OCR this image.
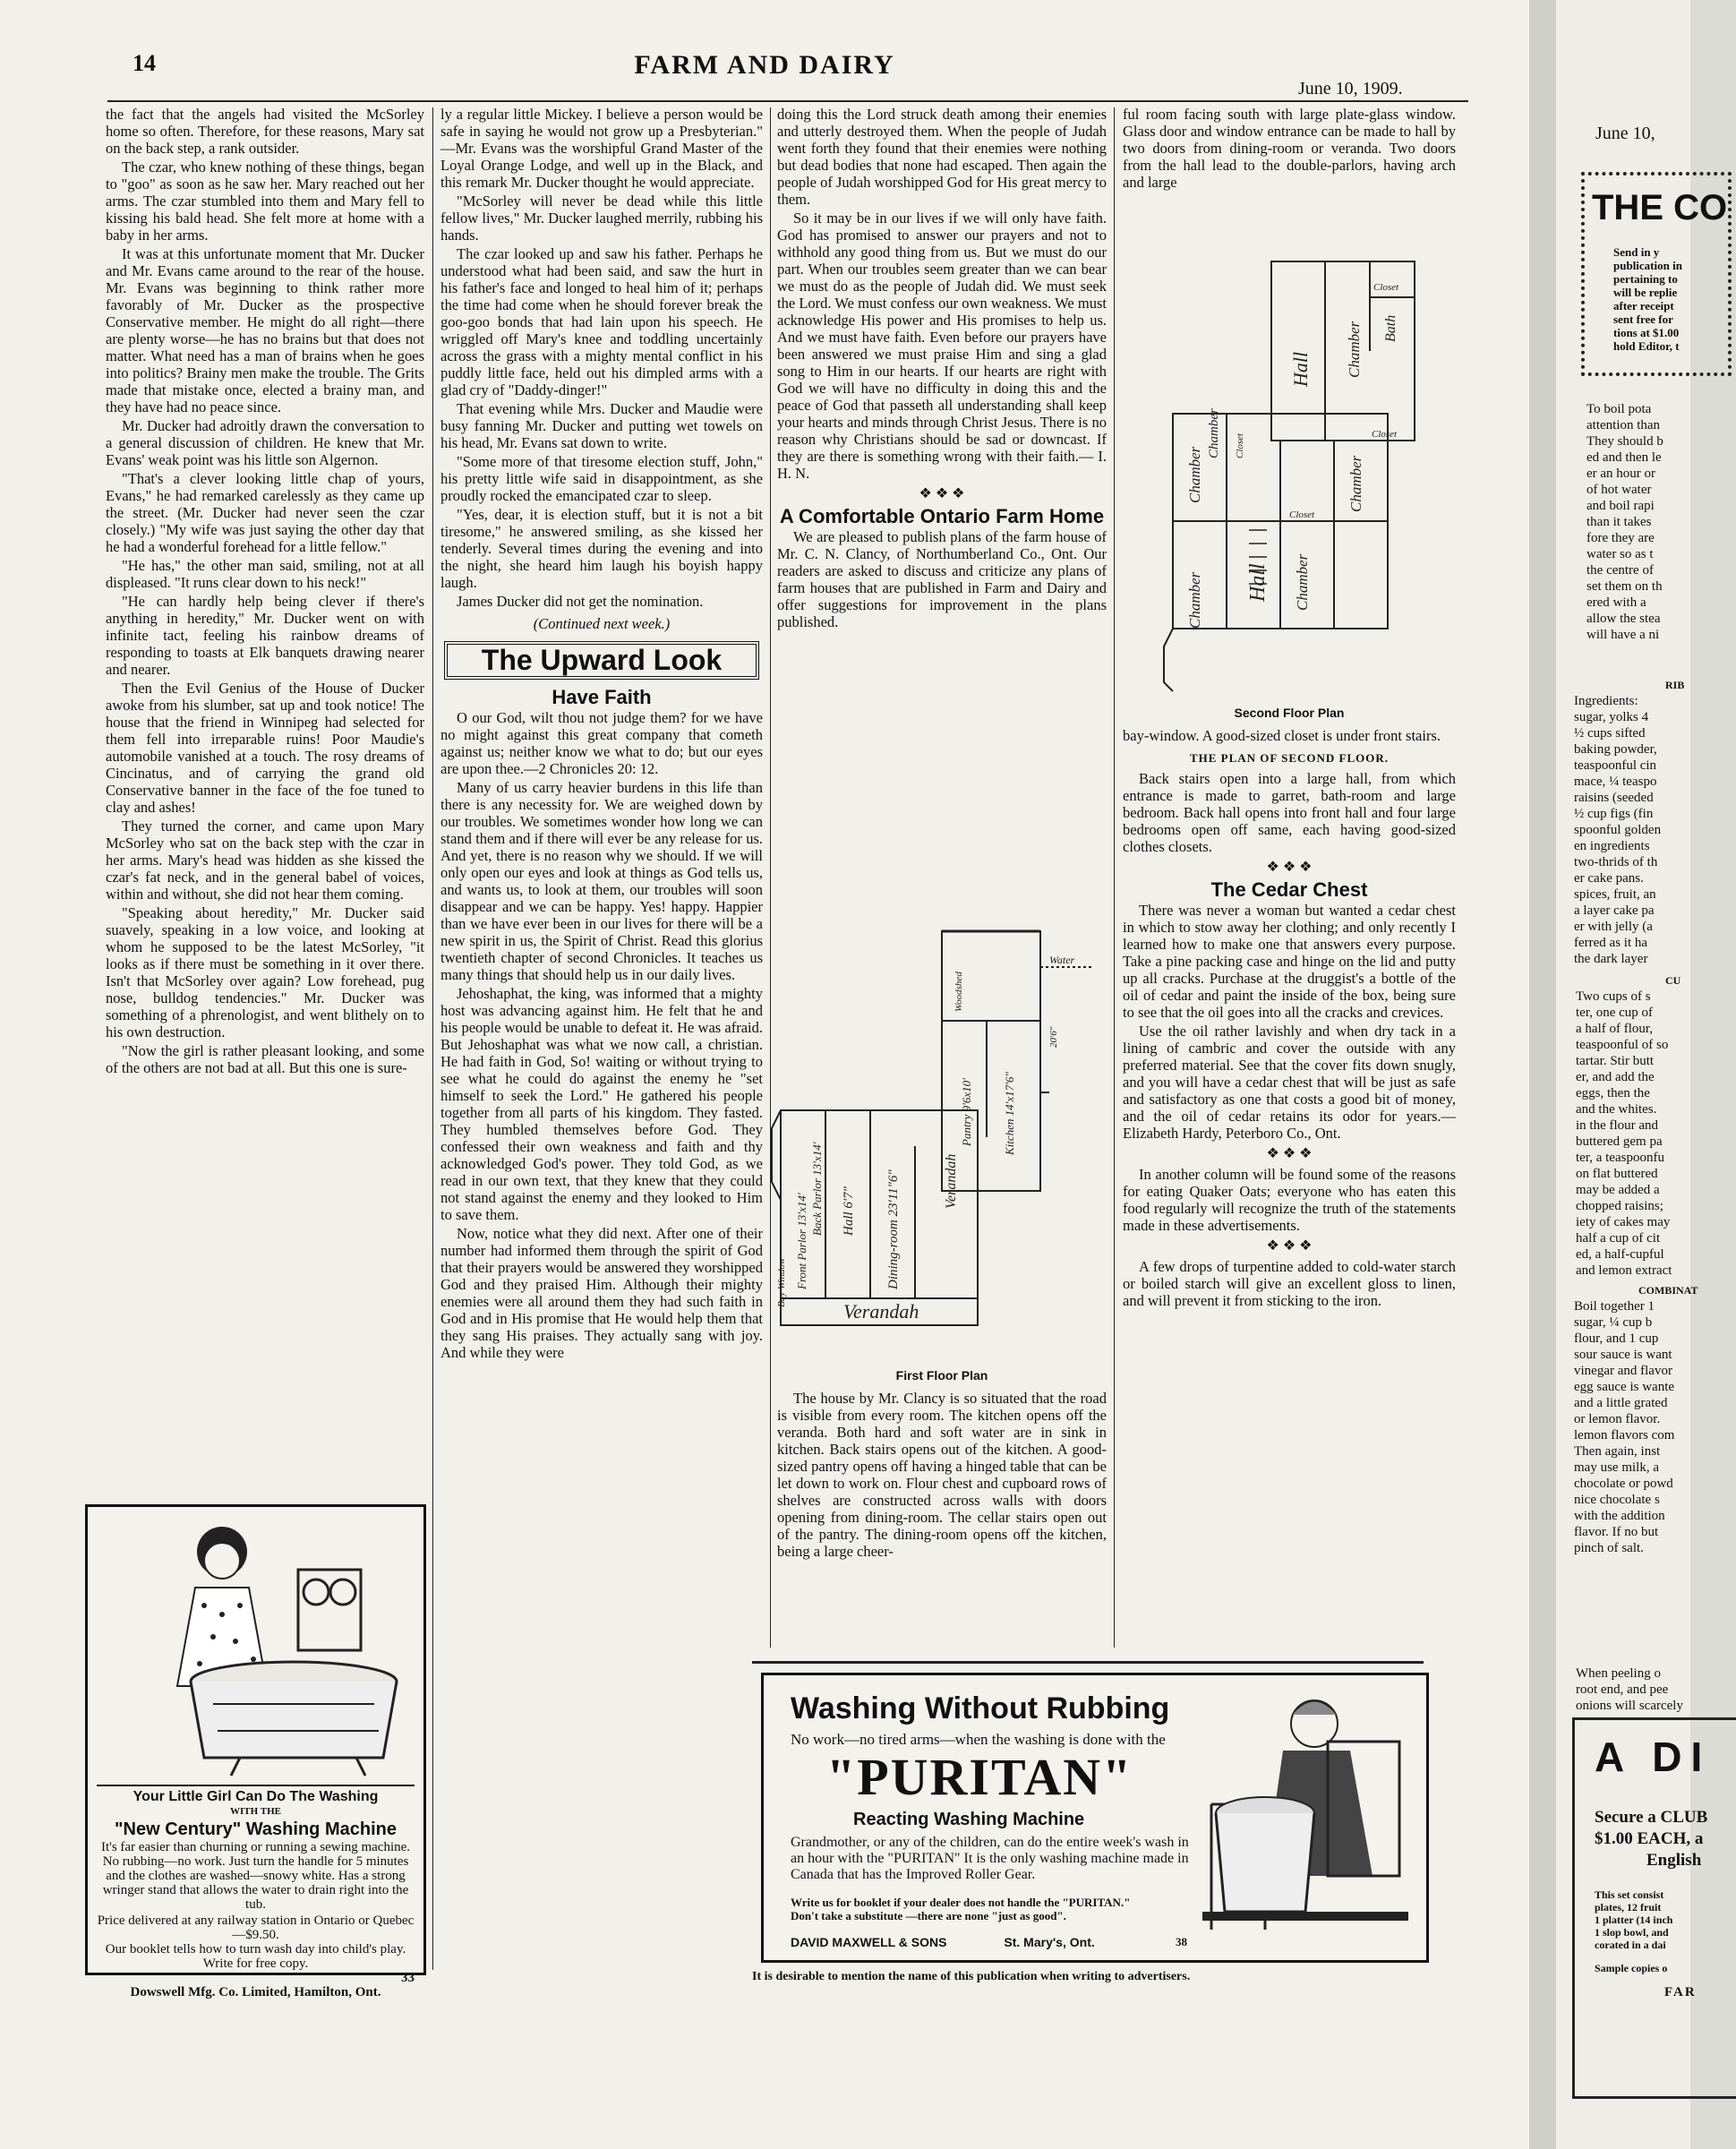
14	FARM AND DAIRY
June 10, 1909.

the fact that the angels had visited the McSorley home so often. Therefore, for these reasons, Mary sat on the back step, a rank outsider.

The czar, who knew nothing of these things, began to "goo" as soon as he saw her. Mary reached out her arms. The czar stumbled into them and Mary fell to kissing his bald head. She felt more at home with a baby in her arms.

It was at this unfortunate moment that Mr. Ducker and Mr. Evans came around to the rear of the house. Mr. Evans was beginning to think rather more favorably of Mr. Ducker as the prospective Conservative member. He might do all right—there are plenty worse—he has no brains but that does not matter. What need has a man of brains when he goes into politics? Brainy men make the trouble. The Grits made that mistake once, elected a brainy man, and they have had no peace since.

Mr. Ducker had adroitly drawn the conversation to a general discussion of children. He knew that Mr. Evans' weak point was his little son Algernon.

"That's a clever looking little chap of yours, Evans," he had remarked carelessly as they came up the street. (Mr. Ducker had never seen the czar closely.) "My wife was just saying the other day that he had a wonderful forehead for a little fellow."

"He has," the other man said, smiling, not at all displeased. "It runs clear down to his neck!"

"He can hardly help being clever if there's anything in heredity," Mr. Ducker went on with infinite tact, feeling his rainbow dreams of responding to toasts at Elk banquets drawing nearer and nearer.

Then the Evil Genius of the House of Ducker awoke from his slumber, sat up and took notice! The house that the friend in Winnipeg had selected for them fell into irreparable ruins! Poor Maudie's automobile vanished at a touch. The rosy dreams of Cincinatus, and of carrying the grand old Conservative banner in the face of the foe tuned to clay and ashes!

They turned the corner, and came upon Mary McSorley who sat on the back step with the czar in her arms. Mary's head was hidden as she kissed the czar's fat neck, and in the general babel of voices, within and without, she did not hear them coming.

"Speaking about heredity," Mr. Ducker said suavely, speaking in a low voice, and looking at whom he supposed to be the latest McSorley, "it looks as if there must be something in it over there. Isn't that McSorley over again? Low forehead, pug nose, bulldog tendencies." Mr. Ducker was something of a phrenologist, and went blithely on to his own destruction.

"Now the girl is rather pleasant looking, and some of the others are not bad at all. But this one is sure-

Your Little Girl Can Do The Washing
WITH THE
"New Century" Washing Machine
It's far easier than churning or running a sewing machine. No rubbing—no work. Just turn the handle for 5 minutes and the clothes are washed—snowy white. Has a strong wringer stand that allows the water to drain right into the tub.
Price delivered at any railway station in Ontario or Quebec—$9.50.
Our booklet tells how to turn wash day into child's play. Write for free copy.
33
Dowswell Mfg. Co. Limited, Hamilton, Ont.

ly a regular little Mickey. I believe a person would be safe in saying he would not grow up a Presbyterian." —Mr. Evans was the worshipful Grand Master of the Loyal Orange Lodge, and well up in the Black, and this remark Mr. Ducker thought he would appreciate.

"McSorley will never be dead while this little fellow lives," Mr. Ducker laughed merrily, rubbing his hands.

The czar looked up and saw his father. Perhaps he understood what had been said, and saw the hurt in his father's face and longed to heal him of it; perhaps the time had come when he should forever break the goo-goo bonds that had lain upon his speech. He wriggled off Mary's knee and toddling uncertainly across the grass with a mighty mental conflict in his puddly little face, held out his dimpled arms with a glad cry of "Daddy-dinger!"

That evening while Mrs. Ducker and Maudie were busy fanning Mr. Ducker and putting wet towels on his head, Mr. Evans sat down to write.

"Some more of that tiresome election stuff, John," his pretty little wife said in disappointment, as she proudly rocked the emancipated czar to sleep.

"Yes, dear, it is election stuff, but it is not a bit tiresome," he answered smiling, as she kissed her tenderly. Several times during the evening and into the night, she heard him laugh his boyish happy laugh.

James Ducker did not get the nomination.

(Continued next week.)
The Upward Look
Have Faith

O our God, wilt thou not judge them? for we have no might against this great company that cometh against us; neither know we what to do; but our eyes are upon thee.—2 Chronicles 20: 12.

Many of us carry heavier burdens in this life than there is any necessity for. We are weighed down by our troubles. We sometimes wonder how long we can stand them and if there will ever be any release for us. And yet, there is no reason why we should. If we will only open our eyes and look at things as God tells us, and wants us, to look at them, our troubles will soon disappear and we can be happy. Yes! happy. Happier than we have ever been in our lives for there will be a new spirit in us, the Spirit of Christ. Read this glorius twentieth chapter of second Chronicles. It teaches us many things that should help us in our daily lives.

Jehoshaphat, the king, was informed that a mighty host was advancing against him. He felt that he and his people would be unable to defeat it. He was afraid. But Jehoshaphat was what we now call, a christian. He had faith in God, So! waiting or without trying to see what he could do against the enemy he "set himself to seek the Lord." He gathered his people together from all parts of his kingdom. They fasted. They humbled themselves before God. They confessed their own weakness and faith and thy acknowledged God's power. They told God, as we read in our own text, that they knew that they could not stand against the enemy and they looked to Him to save them.

Now, notice what they did next. After one of their number had informed them through the spirit of God that their prayers would be answered they worshipped God and they praised Him. Although their mighty enemies were all around them they had such faith in God and in His promise that He would help them that they sang His praises. They actually sang with joy. And while they were

doing this the Lord struck death among their enemies and utterly destroyed them. When the people of Judah went forth they found that their enemies were nothing but dead bodies that none had escaped. Then again the people of Judah worshipped God for His great mercy to them.

So it may be in our lives if we will only have faith. God has promised to answer our prayers and not to withhold any good thing from us. But we must do our part. When our troubles seem greater than we can bear we must do as the people of Judah did. We must seek the Lord. We must confess our own weakness. We must acknowledge His power and His promises to help us. And we must have faith. Even before our prayers have been answered we must praise Him and sing a glad song to Him in our hearts. If our hearts are right with God we will have no difficulty in doing this and the peace of God that passeth all understanding shall keep your hearts and minds through Christ Jesus. There is no reason why Christians should be sad or downcast. If they are there is something wrong with their faith.— I. H. N.

❖ ❖ ❖
A Comfortable Ontario Farm Home

We are pleased to publish plans of the farm house of Mr. C. N. Clancy, of Northumberland Co., Ont. Our readers are asked to discuss and criticize any plans of farm houses that are published in Farm and Dairy and offer suggestions for improvement in the plans published.

Verandah
Verandah
Dining-room 23'11"6"
Hall 6'7"
Front Parlor 13'x14'
Back Parlor 13'x14'
Pantry 9'6x10'	Kitchen 14'x17'6"
Bay Window
Woodshed
20'6"
Water
First Floor Plan

The house by Mr. Clancy is so situated that the road is visible from every room. The kitchen opens off the veranda. Both hard and soft water are in sink in kitchen. Back stairs opens out of the kitchen. A good-sized pantry opens off having a hinged table that can be let down to work on. Flour chest and cupboard rows of shelves are constructed across walls with doors opening from dining-room. The cellar stairs open out of the pantry. The dining-room opens off the kitchen, being a large cheer-

ful room facing south with large plate-glass window. Glass door and window entrance can be made to hall by two doors from dining-room or veranda. Two doors from the hall lead to the double-parlors, having arch and large

Hall
Hall
Chamber
Chamber
Chamber
Chamber
Chamber
Chamber
Bath
Closet
Closet
Closet
Closet
Second Floor Plan

bay-window. A good-sized closet is under front stairs.

THE PLAN OF SECOND FLOOR.

Back stairs open into a large hall, from which entrance is made to garret, bath-room and large bedroom. Back hall opens into front hall and four large bedrooms open off same, each having good-sized clothes closets.

❖ ❖ ❖
The Cedar Chest

There was never a woman but wanted a cedar chest in which to stow away her clothing; and only recently I learned how to make one that answers every purpose. Take a pine packing case and hinge on the lid and putty up all cracks. Purchase at the druggist's a bottle of the oil of cedar and paint the inside of the box, being sure to see that the oil goes into all the cracks and crevices.

Use the oil rather lavishly and when dry tack in a lining of cambric and cover the outside with any preferred material. See that the cover fits down snugly, and you will have a cedar chest that will be just as safe and satisfactory as one that costs a good bit of money, and the oil of cedar retains its odor for years.—Elizabeth Hardy, Peterboro Co., Ont.

❖ ❖ ❖

In another column will be found some of the reasons for eating Quaker Oats; everyone who has eaten this food regularly will recognize the truth of the statements made in these advertisements.

❖ ❖ ❖

A few drops of turpentine added to cold-water starch or boiled starch will give an excellent gloss to linen, and will prevent it from sticking to the iron.

Washing Without Rubbing
No work—no tired arms—when the washing is done with the
"PURITAN"
Reacting Washing Machine
Grandmother, or any of the children, can do the entire week's wash in an hour with the "PURITAN" It is the only washing machine made in Canada that has the Improved Roller Gear.
Write us for booklet if your dealer does not handle the "PURITAN." Don't take a substitute —there are none "just as good".
DAVID MAXWELL & SONS	St. Mary's, Ont.	38
It is desirable to mention the name of this publication when writing to advertisers.
June 10,
THE CO
Send in y
publication in
pertaining to
will be replie
after receipt
sent free for
tions at $1.00
hold Editor, t
To boil pota
attention than
They should b
ed and then le
er an hour or
of hot water
and boil rapi
than it takes
fore they are
water so as t
the centre of
set them on th
ered with a
allow the stea
will have a ni
RIB
Ingredients:
sugar, yolks 4
½ cups sifted
baking powder,
teaspoonful cin
mace, ¼ teaspo
raisins (seeded
½ cup figs (fin
spoonful golden
en ingredients
two-thrids of th
er cake pans.
spices, fruit, an
a layer cake pa
er with jelly (a
ferred as it ha
the dark layer
CU
Two cups of s
ter, one cup of
a half of flour,
teaspoonful of so
tartar. Stir butt
er, and add the
eggs, then the
and the whites.
in the flour and
buttered gem pa
ter, a teaspoonfu
on flat buttered
may be added a
chopped raisins;
iety of cakes may
half a cup of cit
ed, a half-cupful
and lemon extract
COMBINAT
Boil together 1
sugar, ¼ cup b
flour, and 1 cup
sour sauce is want
vinegar and flavor
egg sauce is wante
and a little grated
or lemon flavor.
lemon flavors com
Then again, inst
may use milk, a
chocolate or powd
nice chocolate s
with the addition
flavor. If no but
pinch of salt.
When peeling o
root end, and pee
onions will scarcely
A DI
Secure a CLUB
$1.00 EACH, a
English
This set consist
plates, 12 fruit
1 platter (14 inch
1 slop bowl, and
corated in a dai
Sample copies o
FAR
